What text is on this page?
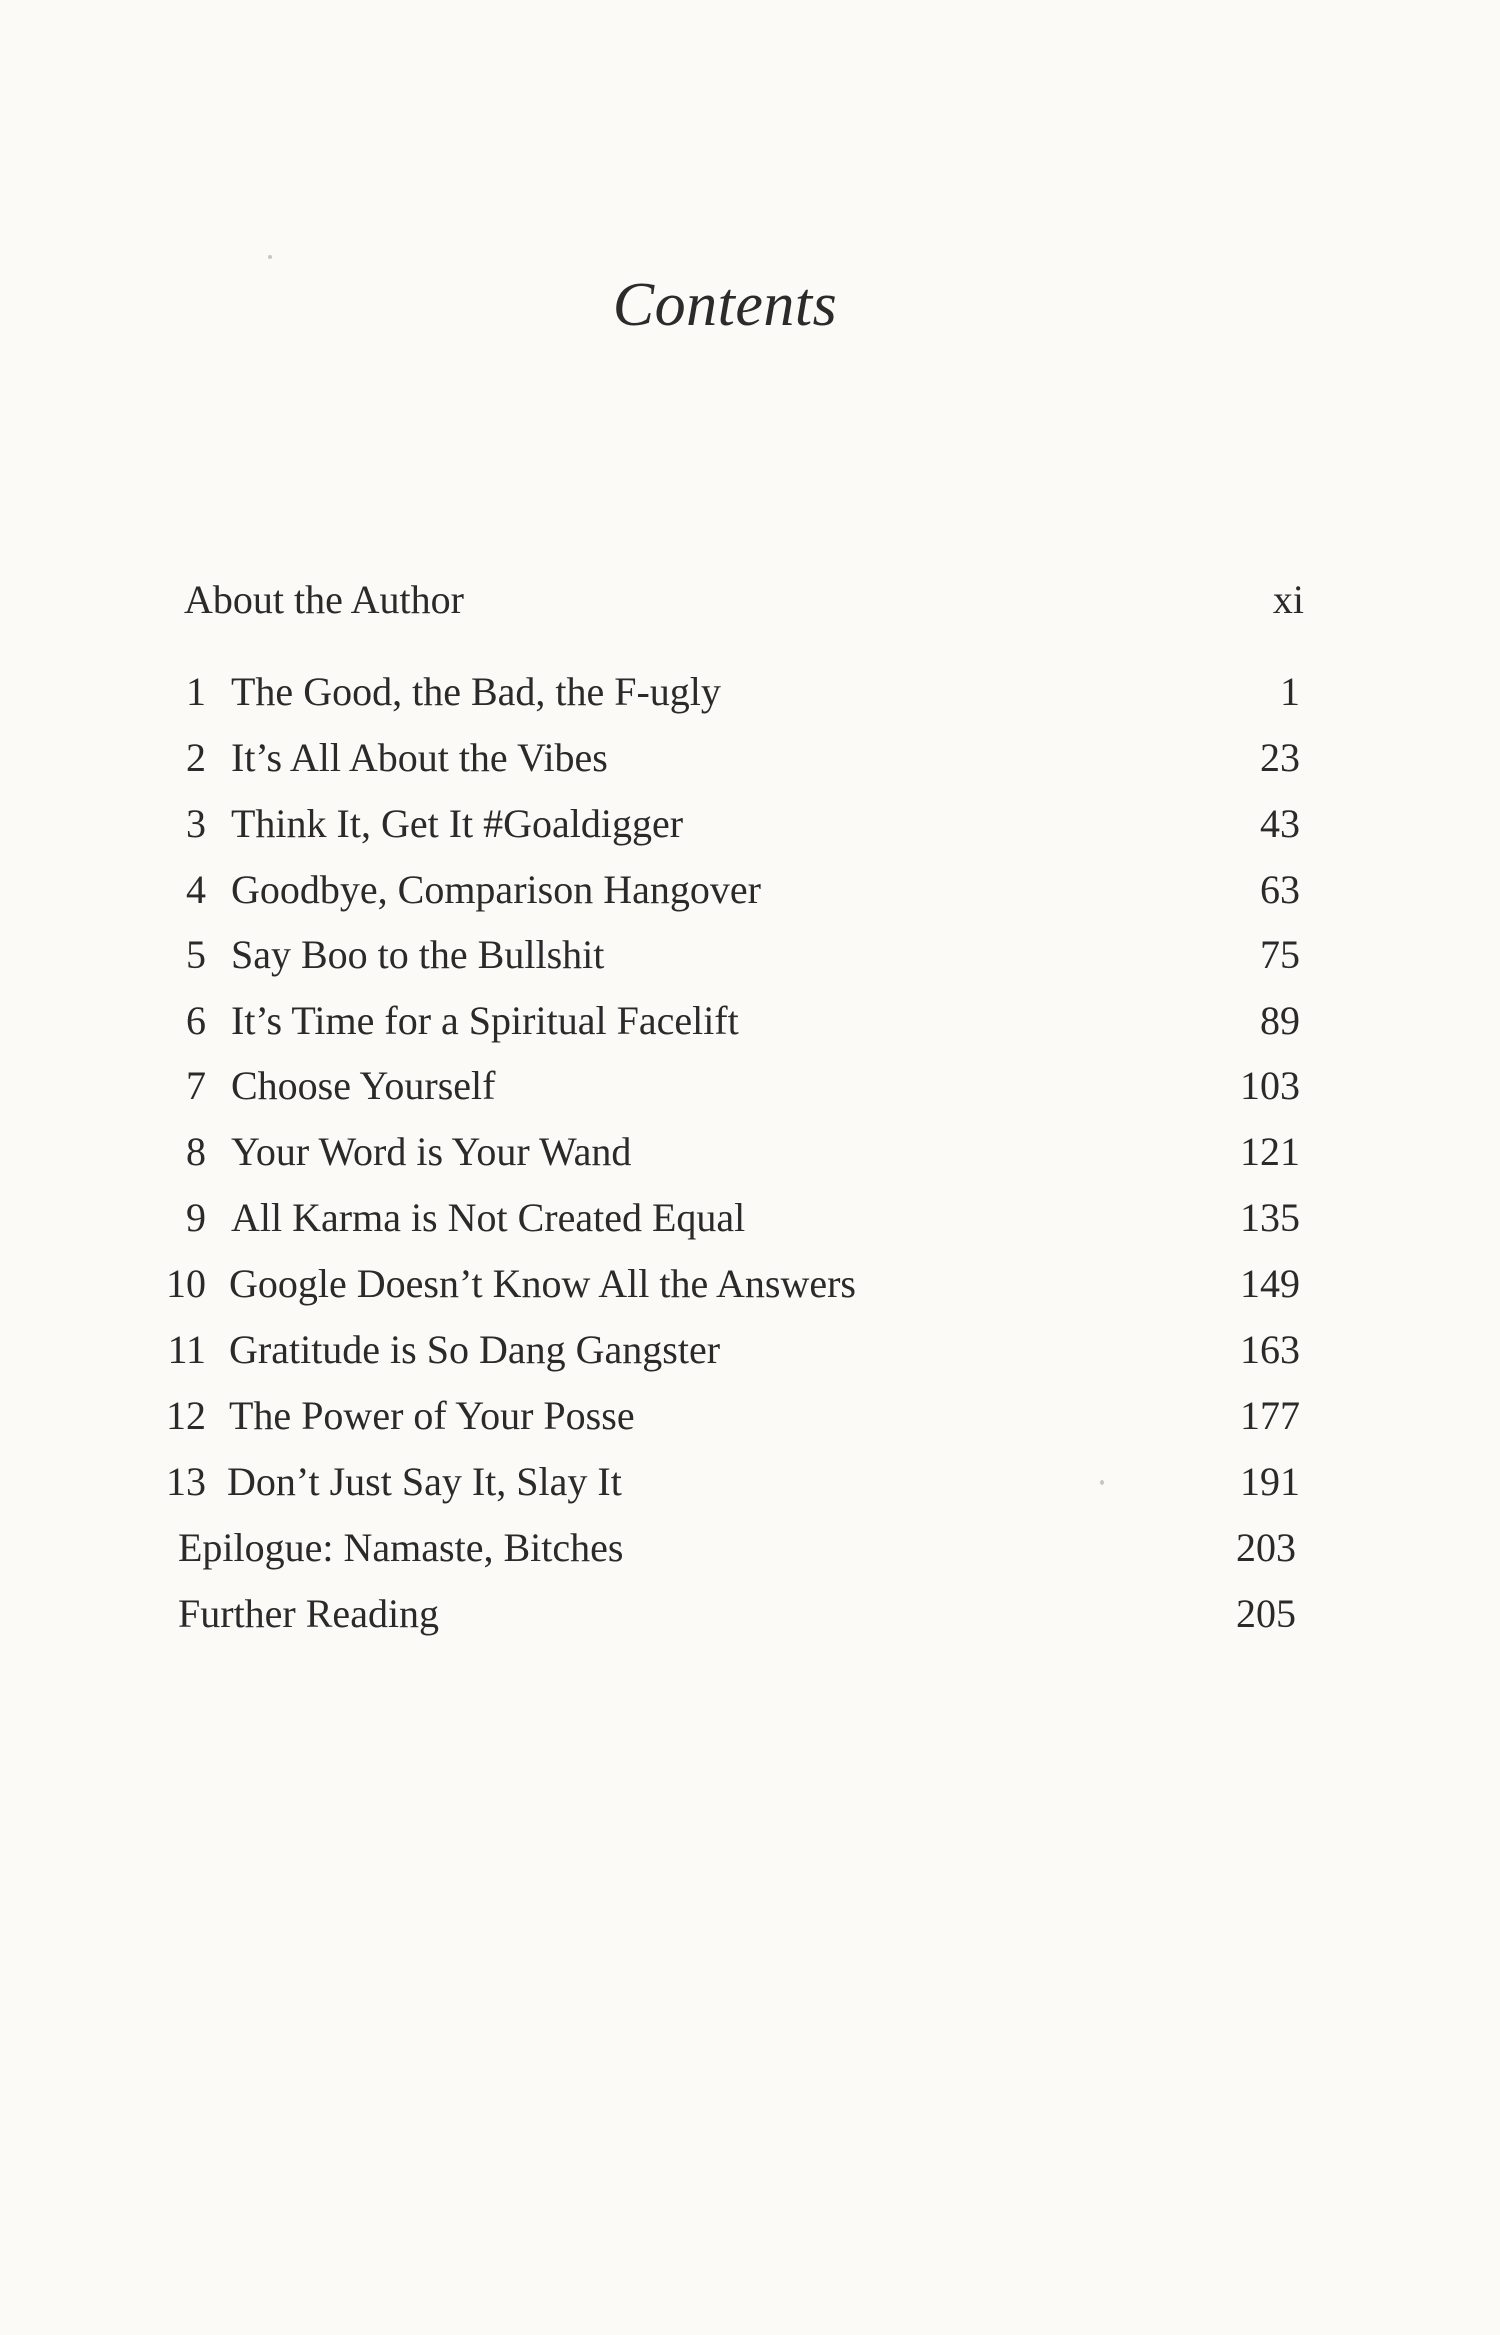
Contents
About the Author	xi
1 The Good, the Bad, the F-ugly	1
2 It’s All About the Vibes	23
3 Think It, Get It #Goaldigger	43
4 Goodbye, Comparison Hangover	63
5 Say Boo to the Bullshit	75
6 It’s Time for a Spiritual Facelift	89
7 Choose Yourself	103
8 Your Word is Your Wand	121
9 All Karma is Not Created Equal	135
10 Google Doesn’t Know All the Answers	149
11 Gratitude is So Dang Gangster	163
12 The Power of Your Posse	177
13 Don’t Just Say It, Slay It	191
Epilogue: Namaste, Bitches	203
Further Reading	205
